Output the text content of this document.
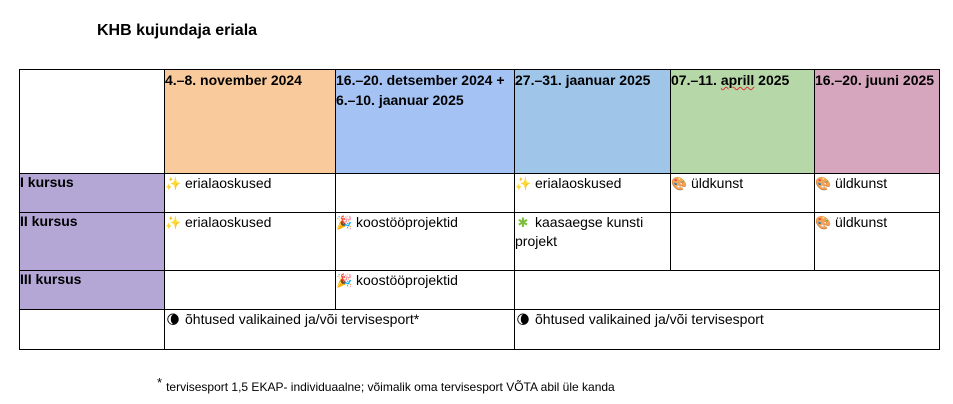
KHB kujundaja eriala
	4.–8. november 2024	16.–20. detsember 2024 + 6.–10. jaanuar 2025	27.–31. jaanuar 2025	07.–11. aprill 2025	16.–20. juuni 2025
I kursus	✨ erialaoskused		✨ erialaoskused	🎨 üldkunst	🎨 üldkunst
II kursus	✨ erialaoskused	🎉 koostööprojektid	✱ kaasaegse kunsti projekt		🎨 üldkunst
III kursus		🎉 koostööprojektid			
	🌘 õhtused valikained ja/või tervisesport*		🌘 õhtused valikained ja/või tervisesport		
* tervisesport 1,5 EKAP- individuaalne; võimalik oma tervisesport VÕTA abil üle kanda
